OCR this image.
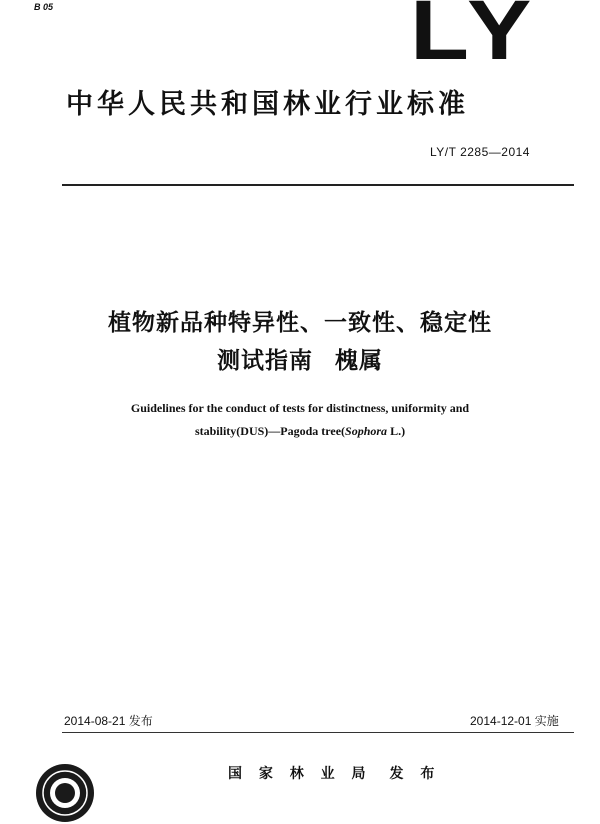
B 05	LY
中华人民共和国林业行业标准
LY/T 2285—2014
植物新品种特异性、一致性、稳定性
测试指南 槐属
Guidelines for the conduct of tests for distinctness, uniformity and
stability(DUS)—Pagoda tree(Sophora L.)
2014-08-21 发布	2014-12-01 实施
国 家 林 业 局 发 布
